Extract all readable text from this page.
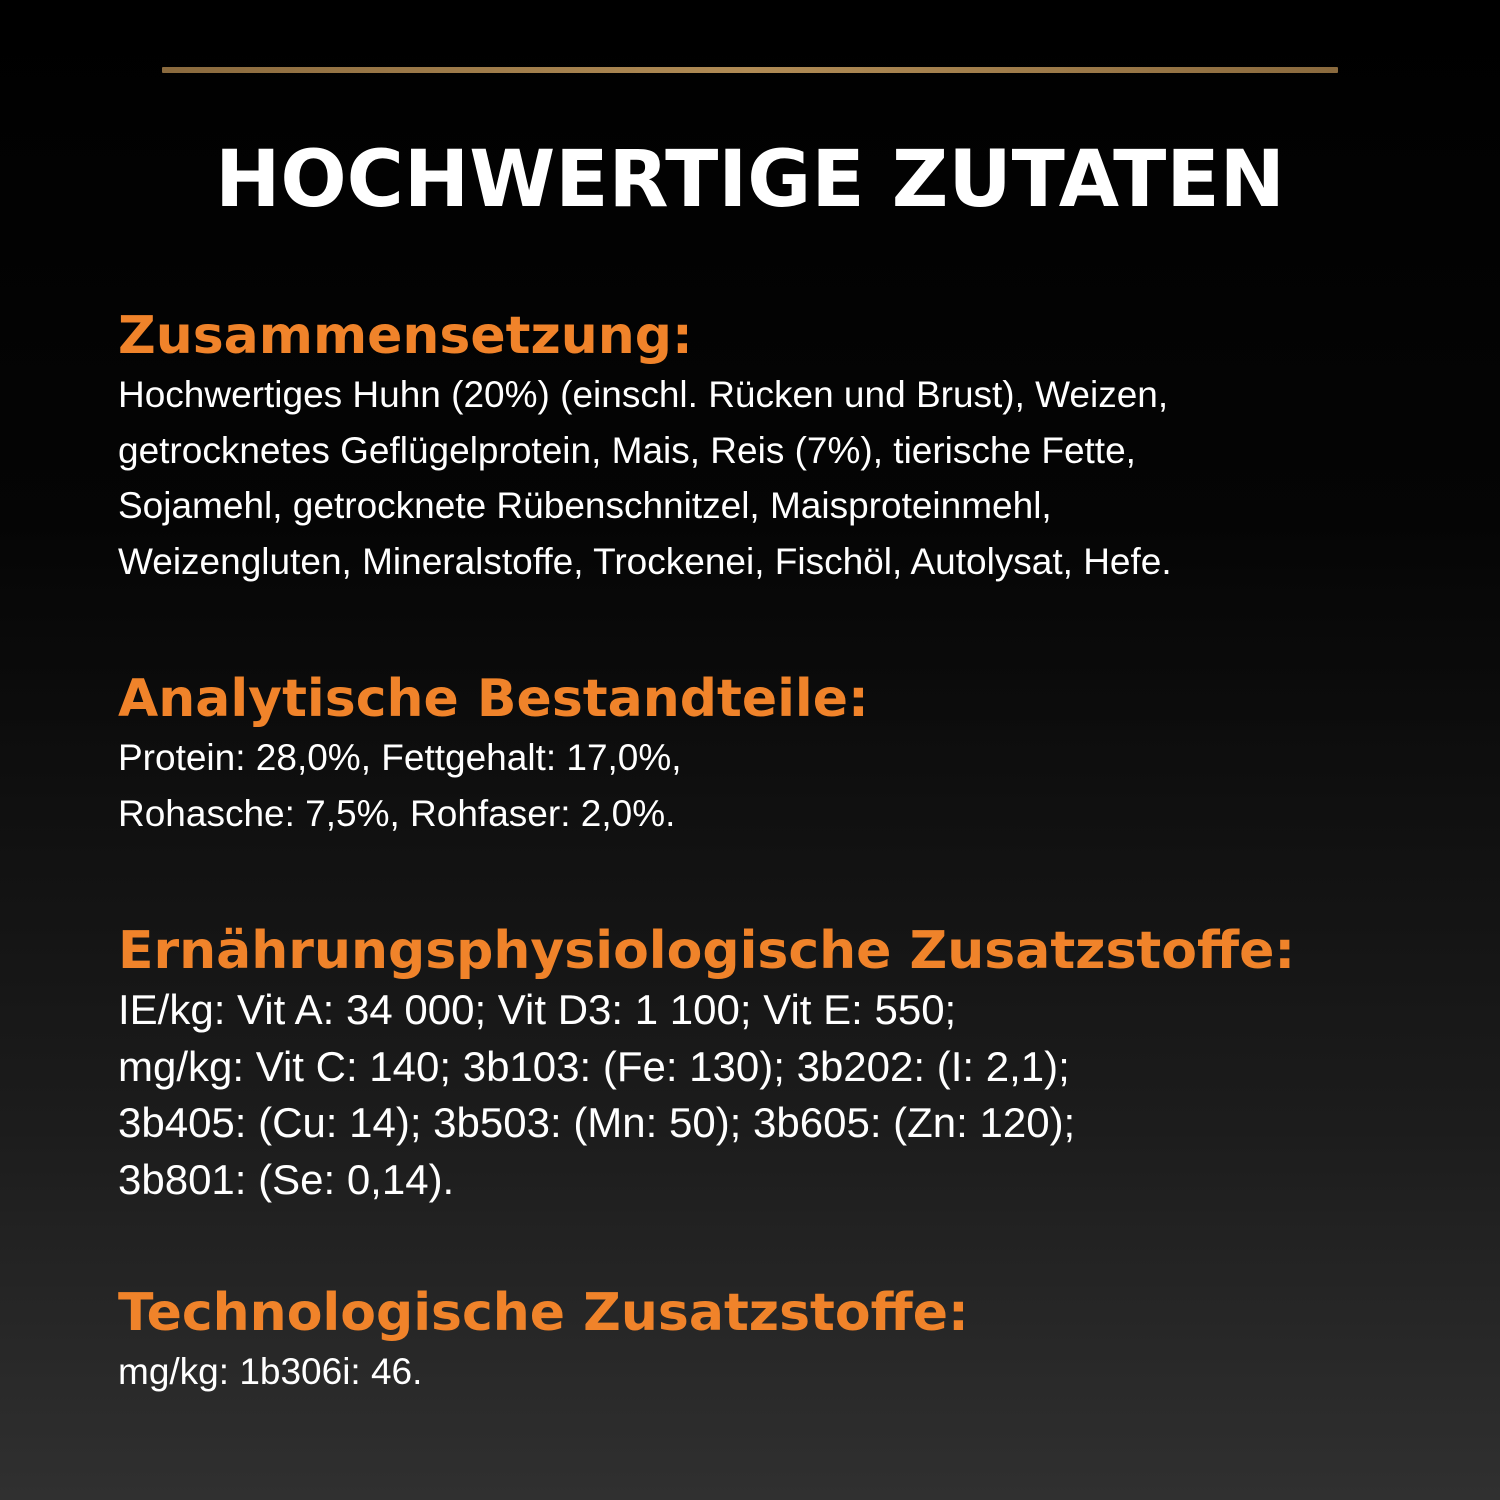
HOCHWERTIGE ZUTATEN
Zusammensetzung:
Hochwertiges Huhn (20%) (einschl. Rücken und Brust), Weizen,
getrocknetes Geflügelprotein, Mais, Reis (7%), tierische Fette,
Sojamehl, getrocknete Rübenschnitzel, Maisproteinmehl,
Weizengluten, Mineralstoffe, Trockenei, Fischöl, Autolysat, Hefe.
Analytische Bestandteile:
Protein: 28,0%, Fettgehalt: 17,0%,
Rohasche: 7,5%, Rohfaser: 2,0%.
Ernährungsphysiologische Zusatzstoffe:
IE/kg: Vit A: 34 000; Vit D3: 1 100; Vit E: 550;
mg/kg: Vit C: 140; 3b103: (Fe: 130); 3b202: (I: 2,1);
3b405: (Cu: 14); 3b503: (Mn: 50); 3b605: (Zn: 120);
3b801: (Se: 0,14).
Technologische Zusatzstoffe:
mg/kg: 1b306i: 46.
